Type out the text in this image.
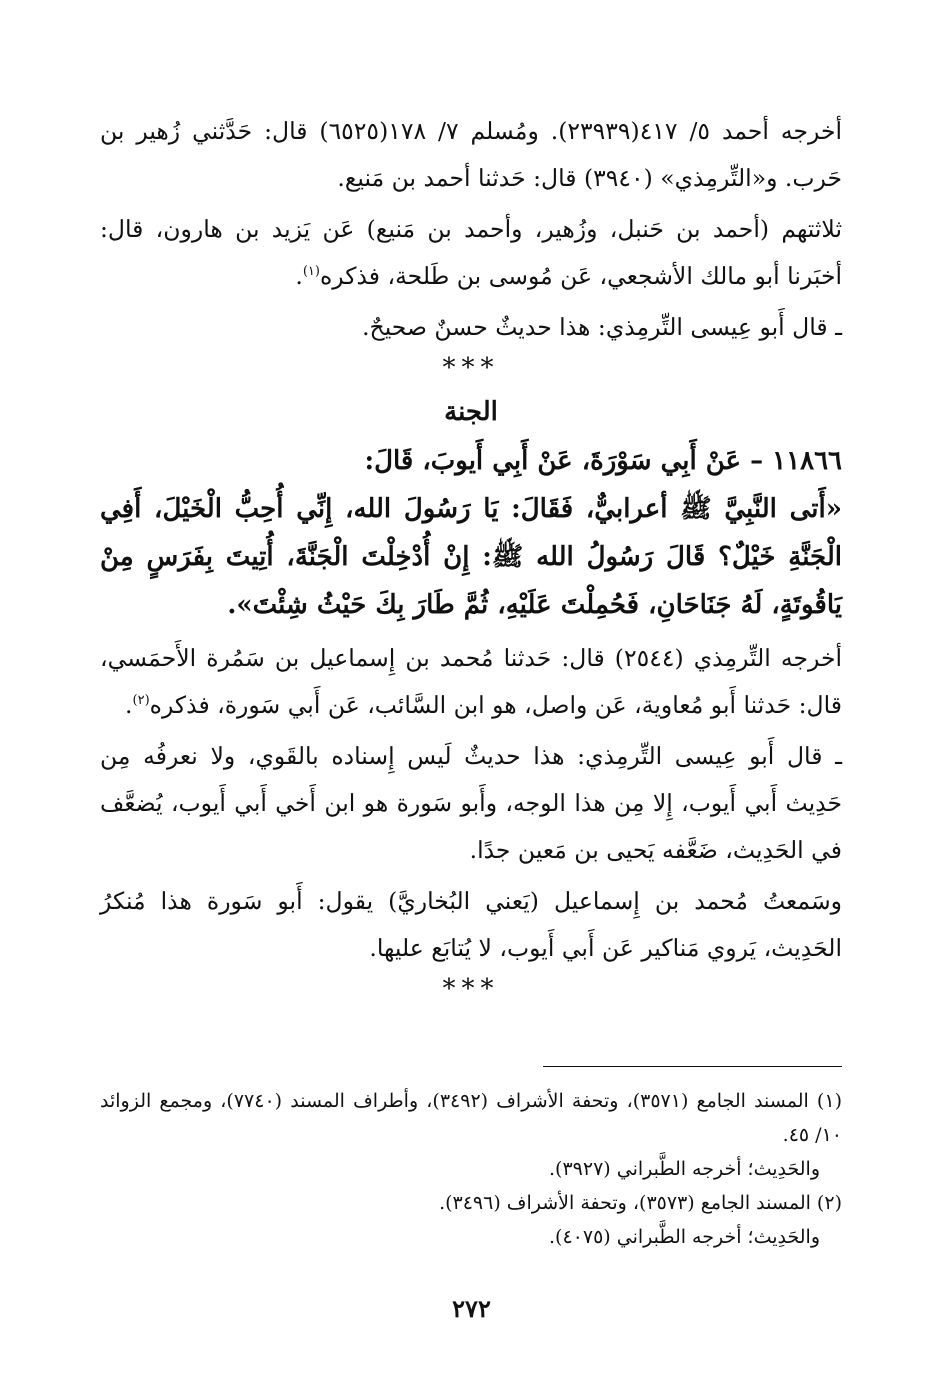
أخرجه أحمد ٥/ ٤١٧(٢٣٩٣٩). ومُسلم ٧/ ١٧٨(٦٥٢٥) قال: حَدَّثني زُهير بن حَرب. و«التِّرمِذي» (٣٩٤٠) قال: حَدثنا أحمد بن مَنيع.

ثلاثتهم (أحمد بن حَنبل، وزُهير، وأحمد بن مَنيع) عَن يَزيد بن هارون، قال: أخبَرنا أبو مالك الأشجعي، عَن مُوسى بن طَلحة، فذكره$^{(١)}$.

ـ قال أَبو عِيسى التِّرمِذي: هذا حديثٌ حسنٌ صحيحٌ.

***
الجنة

١١٨٦٦ – عَنْ أَبِي سَوْرَةَ، عَنْ أَبِي أَيوبَ، قَالَ:

«أَتى النَّبِيَّ ﷺ أعرابيٌّ، فَقَالَ: يَا رَسُولَ الله، إِنِّي أُحِبُّ الْخَيْلَ، أَفِي الْجَنَّةِ خَيْلٌ؟ قَالَ رَسُولُ الله ﷺ: إِنْ أُدْخِلْتَ الْجَنَّةَ، أُتِيتَ بِفَرَسٍ مِنْ يَاقُوتَةٍ، لَهُ جَنَاحَانِ، فَحُمِلْتَ عَلَيْهِ، ثُمَّ طَارَ بِكَ حَيْثُ شِئْتَ».

أخرجه التِّرمِذي (٢٥٤٤) قال: حَدثنا مُحمد بن إِسماعيل بن سَمُرة الأَحمَسي، قال: حَدثنا أَبو مُعاوية، عَن واصل، هو ابن السَّائب، عَن أَبي سَورة، فذكره$^{(٢)}$.

ـ قال أَبو عِيسى التِّرمِذي: هذا حديثٌ لَيس إِسناده بالقَوي، ولا نعرفُه مِن حَدِيث أَبي أَيوب، إِلا مِن هذا الوجه، وأَبو سَورة هو ابن أَخي أَبي أَيوب، يُضعَّف في الحَدِيث، ضَعَّفه يَحيى بن مَعين جدًا.

وسَمعتُ مُحمد بن إِسماعيل (يَعني البُخاريَّ) يقول: أَبو سَورة هذا مُنكرُ الحَدِيث، يَروي مَناكير عَن أَبي أَيوب، لا يُتابَع عليها.

***

(١) المسند الجامع (٣٥٧١)، وتحفة الأشراف (٣٤٩٢)، وأطراف المسند (٧٧٤٠)، ومجمع الزوائد ١٠/ ٤٥.

والحَدِيث؛ أخرجه الطَّبراني (٣٩٢٧).

(٢) المسند الجامع (٣٥٧٣)، وتحفة الأشراف (٣٤٩٦).

والحَدِيث؛ أخرجه الطَّبراني (٤٠٧٥).

٢٧٢
